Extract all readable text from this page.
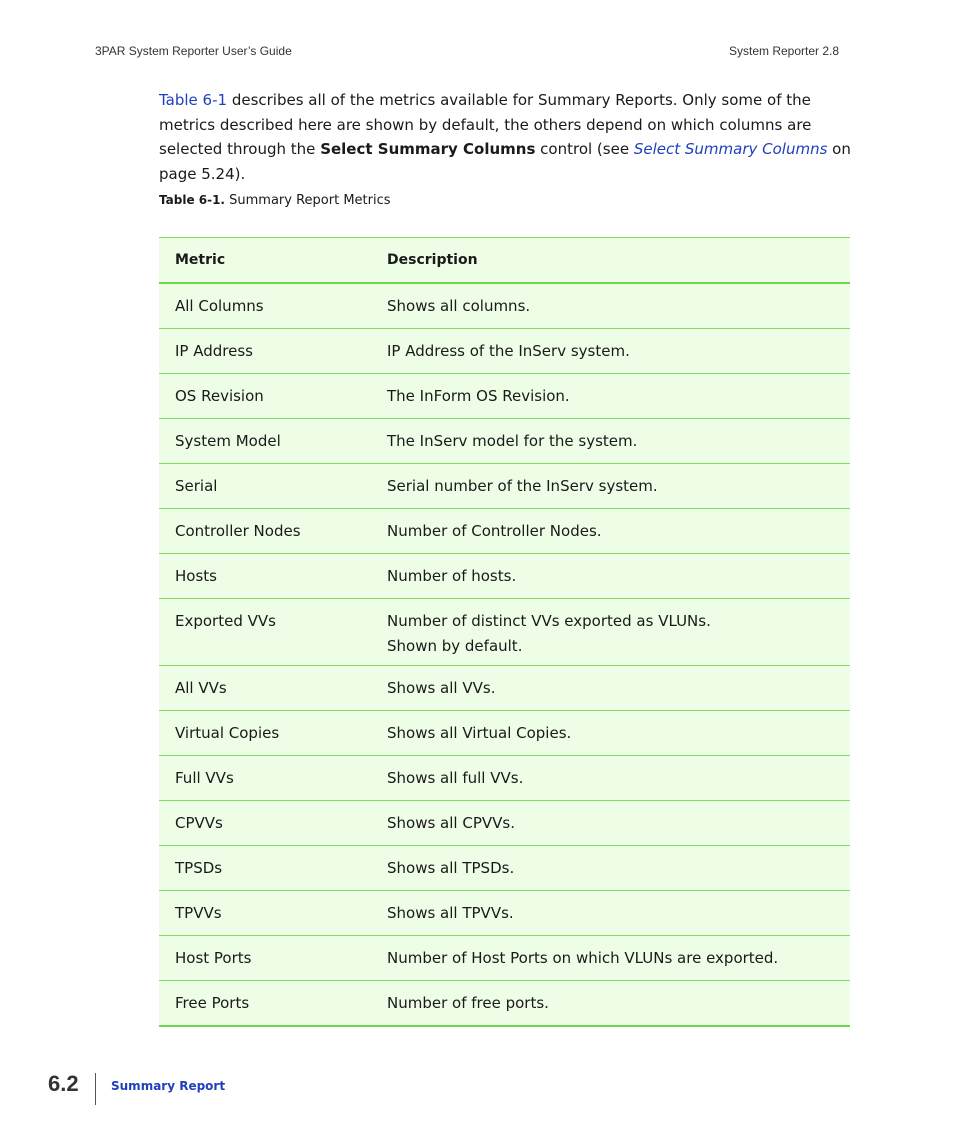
3PAR System Reporter User’s Guide	System Reporter 2.8

Table 6-1 describes all of the metrics available for Summary Reports. Only some of the metrics described here are shown by default, the others depend on which columns are selected through the Select Summary Columns control (see Select Summary Columns on page 5.24).

Table 6-1. Summary Report Metrics
Metric	Description
All Columns	Shows all columns.

IP Address	IP Address of the InServ system.

OS Revision	The InForm OS Revision.

System Model	The InServ model for the system.

Serial	Serial number of the InServ system.

Controller Nodes	Number of Controller Nodes.

Hosts	Number of hosts.

Exported VVs	Number of distinct VVs exported as VLUNs.
Shown by default.

All VVs	Shows all VVs.

Virtual Copies	Shows all Virtual Copies.

Full VVs	Shows all full VVs.

CPVVs	Shows all CPVVs.

TPSDs	Shows all TPSDs.

TPVVs	Shows all TPVVs.

Host Ports	Number of Host Ports on which VLUNs are exported.

Free Ports	Number of free ports.
6.2	Summary Report
